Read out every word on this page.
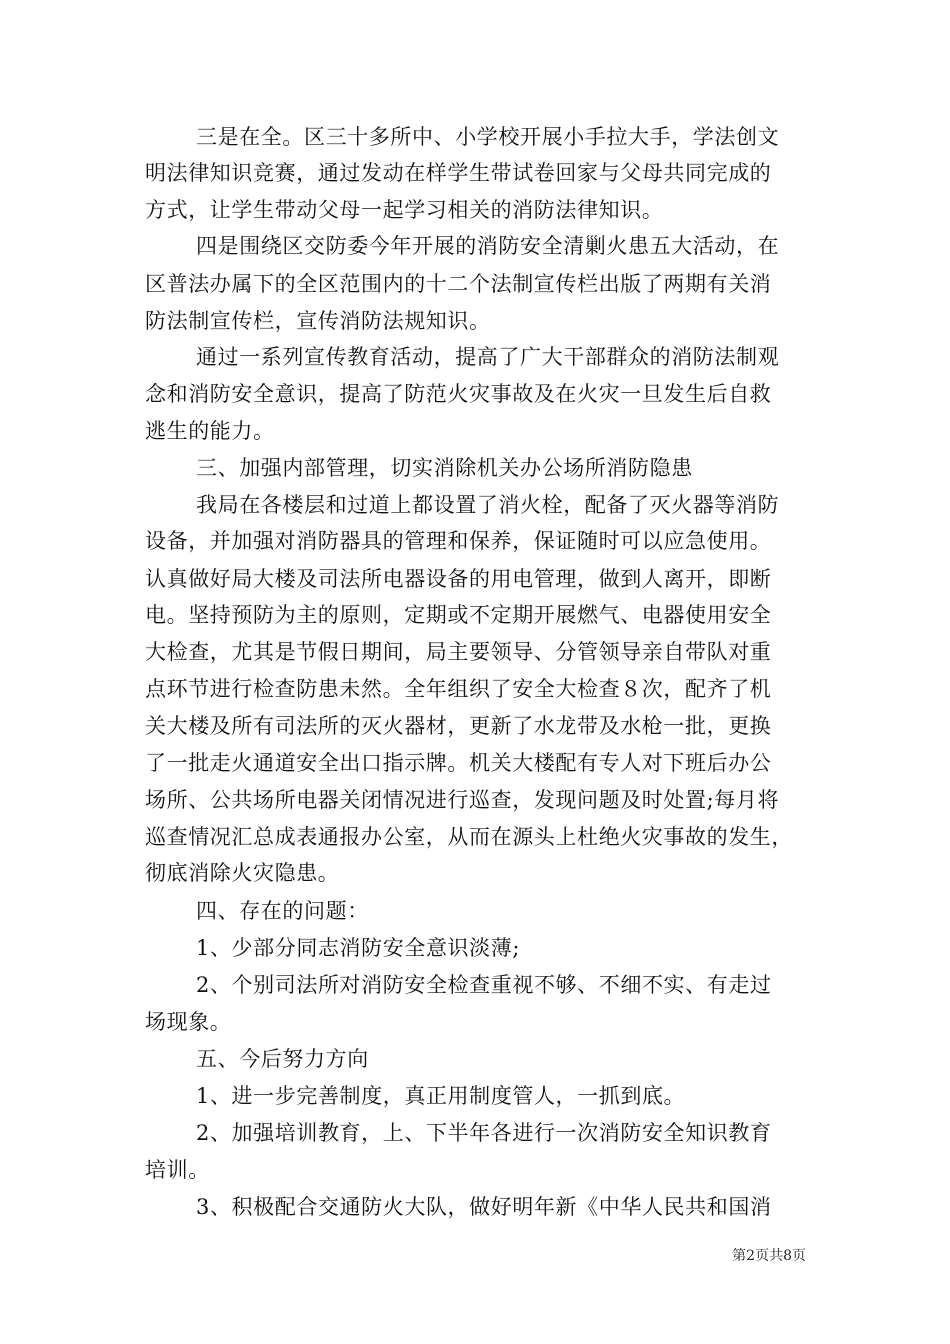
三是在全。区三十多所中、小学校开展小手拉大手，学法创文
明法律知识竞赛，通过发动在样学生带试卷回家与父母共同完成的
方式，让学生带动父母一起学习相关的消防法律知识。
四是围绕区交防委今年开展的消防安全清剿火患五大活动，在
区普法办属下的全区范围内的十二个法制宣传栏出版了两期有关消
防法制宣传栏，宣传消防法规知识。
通过一系列宣传教育活动，提高了广大干部群众的消防法制观
念和消防安全意识，提高了防范火灾事故及在火灾一旦发生后自救
逃生的能力。
三、加强内部管理，切实消除机关办公场所消防隐患
我局在各楼层和过道上都设置了消火栓，配备了灭火器等消防
设备，并加强对消防器具的管理和保养，保证随时可以应急使用。
认真做好局大楼及司法所电器设备的用电管理，做到人离开，即断
电。坚持预防为主的原则，定期或不定期开展燃气、电器使用安全
大检查，尤其是节假日期间，局主要领导、分管领导亲自带队对重
点环节进行检查防患未然。全年组织了安全大检查８次，配齐了机
关大楼及所有司法所的灭火器材，更新了水龙带及水枪一批，更换
了一批走火通道安全出口指示牌。机关大楼配有专人对下班后办公
场所、公共场所电器关闭情况进行巡查，发现问题及时处置;每月将
巡查情况汇总成表通报办公室，从而在源头上杜绝火灾事故的发生，
彻底消除火灾隐患。
四、存在的问题：
1、少部分同志消防安全意识淡薄;
2、个别司法所对消防安全检查重视不够、不细不实、有走过
场现象。
五、今后努力方向
1、进一步完善制度，真正用制度管人，一抓到底。
2、加强培训教育，上、下半年各进行一次消防安全知识教育
培训。
3、积极配合交通防火大队，做好明年新《中华人民共和国消
第2页共8页
